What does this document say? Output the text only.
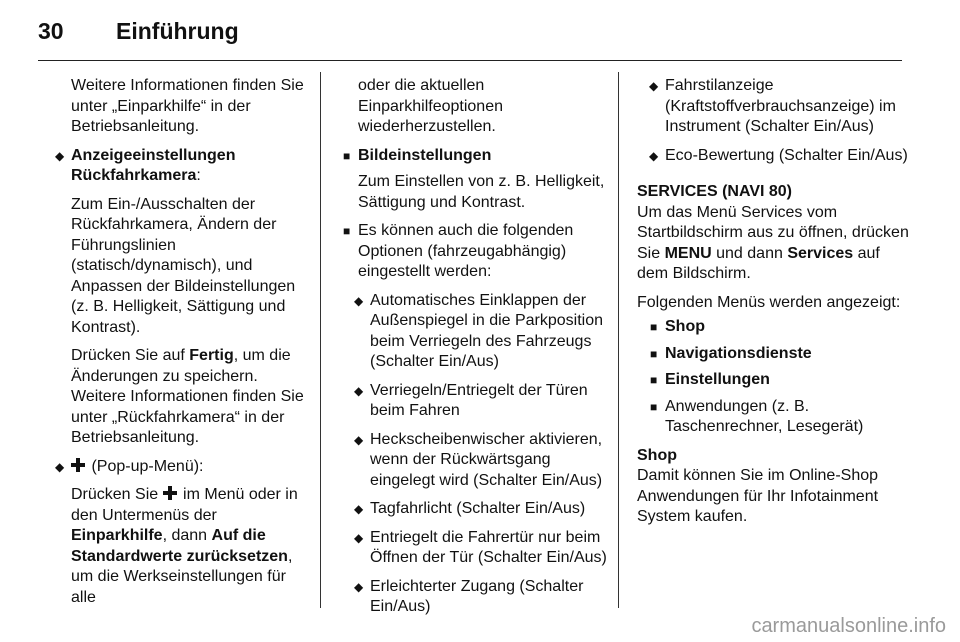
30 Einführung

Weitere Informationen finden Sie unter „Einparkhilfe“ in der Betriebsanleitung.

◆ Anzeigeeinstellungen Rückfahrkamera:

Zum Ein-/Ausschalten der Rückfahrkamera, Ändern der Führungslinien (statisch/dynamisch), und Anpassen der Bildeinstellungen (z. B. Helligkeit, Sättigung und Kontrast).

Drücken Sie auf Fertig, um die Änderungen zu speichern. Weitere Informationen finden Sie unter „Rückfahrkamera“ in der Betriebsanleitung.

◆ (Pop-up-Menü):

Drücken Sie  im Menü oder in den Untermenüs der Einparkhilfe, dann Auf die Standardwerte zurücksetzen, um die Werkseinstellungen für alle

oder die aktuellen Einparkhilfeoptionen wiederherzustellen.

■ Bildeinstellungen

Zum Einstellen von z. B. Helligkeit, Sättigung und Kontrast.

■ Es können auch die folgenden Optionen (fahrzeugabhängig) eingestellt werden:
◆ Automatisches Einklappen der Außenspiegel in die Parkposition beim Verriegeln des Fahrzeugs (Schalter Ein/Aus)
◆ Verriegeln/Entriegelt der Türen beim Fahren
◆ Heckscheibenwischer aktivieren, wenn der Rückwärtsgang eingelegt wird (Schalter Ein/Aus)
◆ Tagfahrlicht (Schalter Ein/Aus)
◆ Entriegelt die Fahrertür nur beim Öffnen der Tür (Schalter Ein/Aus)
◆ Erleichterter Zugang (Schalter Ein/Aus)
◆ Fahrstilanzeige (Kraftstoffverbrauchsanzeige) im Instrument (Schalter Ein/Aus)
◆ Eco-Bewertung (Schalter Ein/Aus)
SERVICES (NAVI 80)

Um das Menü Services vom Startbildschirm aus zu öffnen, drücken Sie MENU und dann Services auf dem Bildschirm.

Folgenden Menüs werden angezeigt:

■ Shop
■ Navigationsdienste
■ Einstellungen
■ Anwendungen (z. B. Taschenrechner, Lesegerät)
Shop

Damit können Sie im Online-Shop Anwendungen für Ihr Infotainment System kaufen.

carmanualsonline.info
